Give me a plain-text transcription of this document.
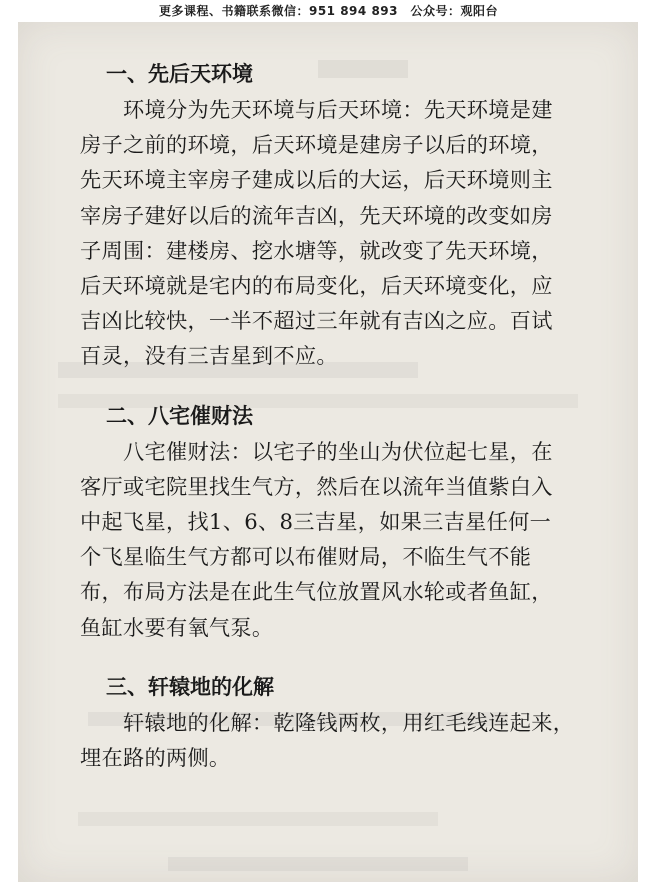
更多课程、书籍联系微信：951 894 893　公众号：观阳台
一、先后天环境

环境分为先天环境与后天环境：先天环境是建
房子之前的环境，后天环境是建房子以后的环境，
先天环境主宰房子建成以后的大运，后天环境则主
宰房子建好以后的流年吉凶，先天环境的改变如房
子周围：建楼房、挖水塘等，就改变了先天环境，
后天环境就是宅内的布局变化，后天环境变化，应
吉凶比较快，一半不超过三年就有吉凶之应。百试
百灵，没有三吉星到不应。

二、八宅催财法

八宅催财法：以宅子的坐山为伏位起七星，在
客厅或宅院里找生气方，然后在以流年当值紫白入
中起飞星，找1、6、8三吉星，如果三吉星任何一
个飞星临生气方都可以布催财局，不临生气不能
布，布局方法是在此生气位放置风水轮或者鱼缸，
鱼缸水要有氧气泵。

三、轩辕地的化解

轩辕地的化解：乾隆钱两枚，用红毛线连起来，
埋在路的两侧。
